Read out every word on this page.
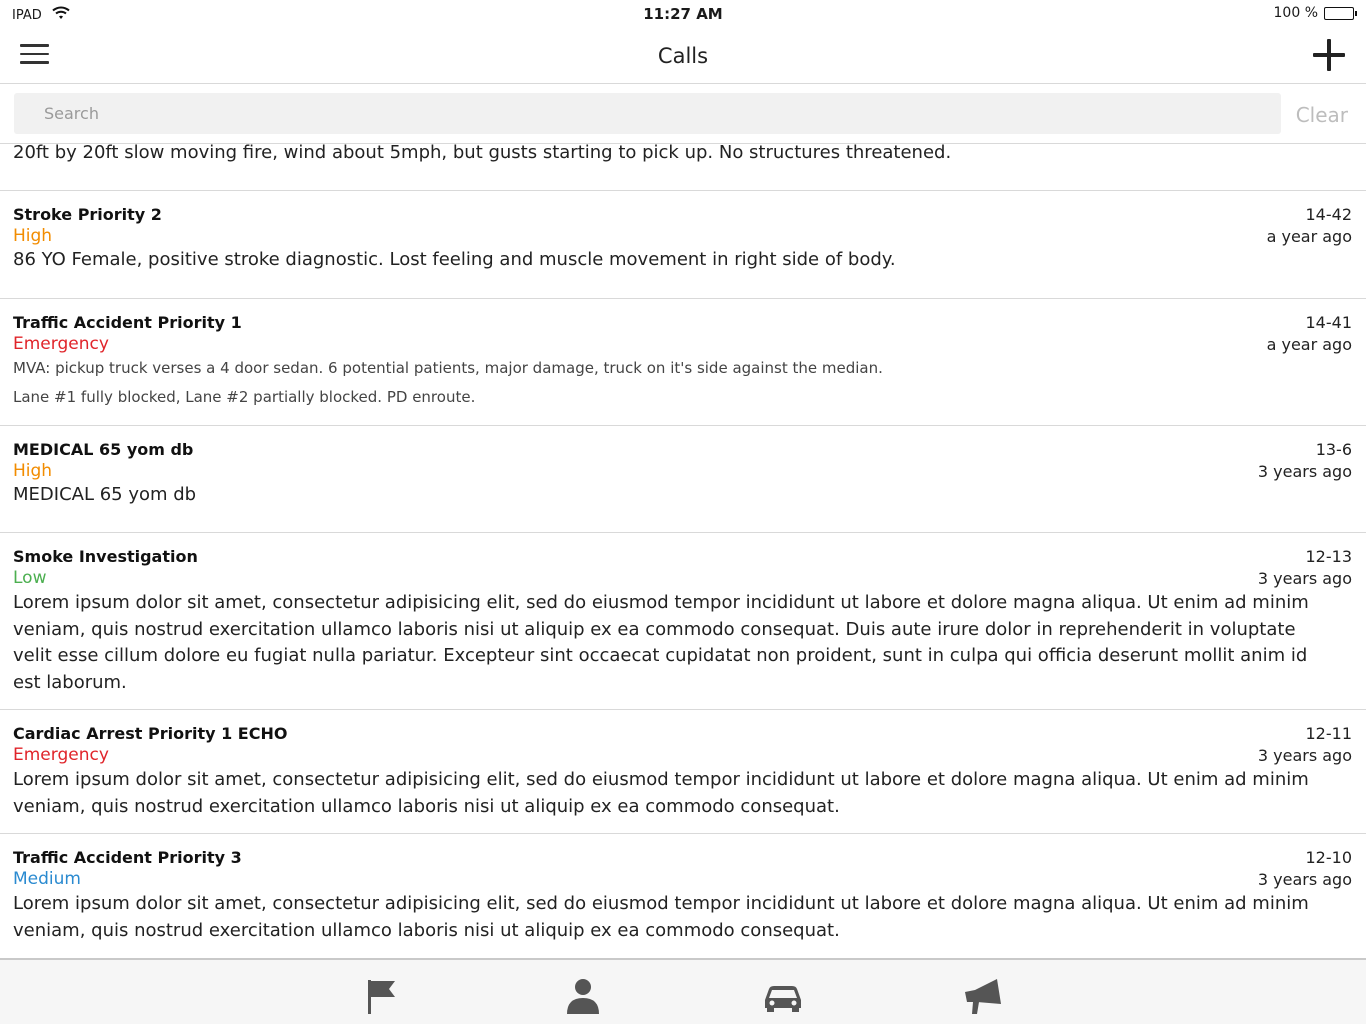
IPAD	11:27 AM	100 %
Calls
Search
Clear
20ft by 20ft slow moving fire, wind about 5mph, but gusts starting to pick up. No structures threatened.
Stroke Priority 2
High
86 YO Female, positive stroke diagnostic. Lost feeling and muscle movement in right side of body.
14-42
a year ago
Traffic Accident Priority 1
Emergency
MVA: pickup truck verses a 4 door sedan. 6 potential patients, major damage, truck on it's side against the median.
Lane #1 fully blocked, Lane #2 partially blocked. PD enroute.
14-41
a year ago
MEDICAL 65 yom db
High
MEDICAL 65 yom db
13-6
3 years ago
Smoke Investigation
Low
Lorem ipsum dolor sit amet, consectetur adipisicing elit, sed do eiusmod tempor incididunt ut labore et dolore magna aliqua. Ut enim ad minim veniam, quis nostrud exercitation ullamco laboris nisi ut aliquip ex ea commodo consequat. Duis aute irure dolor in reprehenderit in voluptate velit esse cillum dolore eu fugiat nulla pariatur. Excepteur sint occaecat cupidatat non proident, sunt in culpa qui officia deserunt mollit anim id est laborum.
12-13
3 years ago
Cardiac Arrest Priority 1 ECHO
Emergency
Lorem ipsum dolor sit amet, consectetur adipisicing elit, sed do eiusmod tempor incididunt ut labore et dolore magna aliqua. Ut enim ad minim veniam, quis nostrud exercitation ullamco laboris nisi ut aliquip ex ea commodo consequat.
12-11
3 years ago
Traffic Accident Priority 3
Medium
Lorem ipsum dolor sit amet, consectetur adipisicing elit, sed do eiusmod tempor incididunt ut labore et dolore magna aliqua. Ut enim ad minim veniam, quis nostrud exercitation ullamco laboris nisi ut aliquip ex ea commodo consequat.
12-10
3 years ago
